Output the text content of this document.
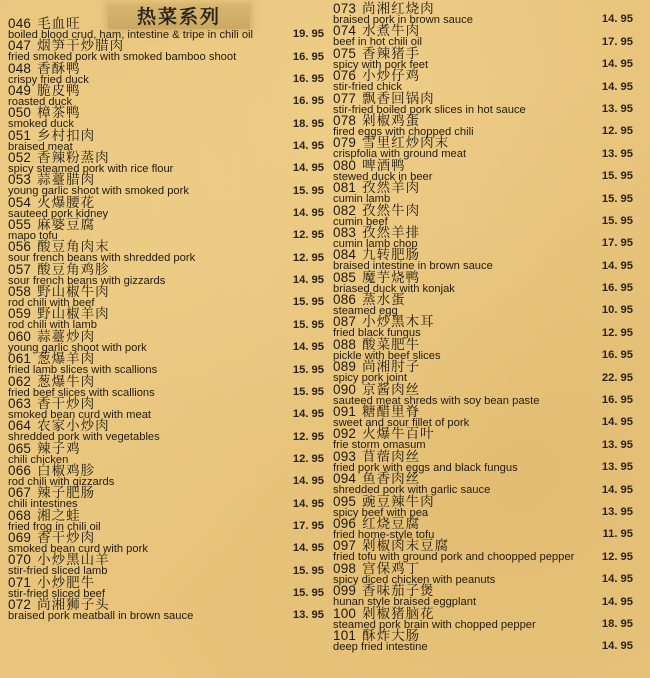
热菜系列
046 毛血旺
boiled blood crud, ham, intestine & tripe in chili oil	19. 95
047 烟笋干炒腊肉
fried smoked pork with smoked bamboo shoot	16. 95
048 香酥鸭
crispy fried duck	16. 95
049 脆皮鸭
roasted duck	16. 95
050 樟茶鸭
smoked duck	18. 95
051 乡村扣肉
braised meat	14. 95
052 香辣粉蒸肉
spicy steamed pork with rice flour	14. 95
053 蒜薹腊肉
young garlic shoot with smoked pork	15. 95
054 火爆腰花
sauteed pork kidney	14. 95
055 麻婆豆腐
mapo tofu	12. 95
056 酸豆角肉末
sour french beans with shredded pork	12. 95
057 酸豆角鸡胗
sour french beans with gizzards	14. 95
058 野山椒牛肉
rod chili with beef	15. 95
059 野山椒羊肉
rod chili with lamb	15. 95
060 蒜薹炒肉
young garlic shoot with pork	14. 95
061 葱爆羊肉
fried lamb slices with scallions	15. 95
062 葱爆牛肉
fried beef slices with scallions	15. 95
063 香干炒肉
smoked bean curd with meat	14. 95
064 农家小炒肉
shredded pork with vegetables	12. 95
065 辣子鸡
chili chicken	12. 95
066 白椒鸡胗
rod chili with gizzards	14. 95
067 辣子肥肠
chili intestines	14. 95
068 湘之蛙
fried frog in chili oil	17. 95
069 香干炒肉
smoked bean curd with pork	14. 95
070 小炒黑山羊
stir-fried sliced lamb	15. 95
071 小炒肥牛
stir-fried sliced beef	15. 95
072 尚湘狮子头
braised pork meatball in brown sauce	13. 95
073 尚湘红烧肉
braised pork in brown sauce	14. 95
074 水煮牛肉
beef in hot chili oil	17. 95
075 香辣猪手
spicy with pork feet	14. 95
076 小炒仔鸡
stir-fried chick	14. 95
077 飘香回锅肉
stir-fried boiled pork slices in hot sauce	13. 95
078 剁椒鸡蛋
fired eggs with chopped chili	12. 95
079 雪里红炒肉末
crispfolia with ground meat	13. 95
080 啤酒鸭
stewed duck in beer	15. 95
081 孜然羊肉
cumin lamb	15. 95
082 孜然牛肉
cumin beef	15. 95
083 孜然羊排
cumin lamb chop	17. 95
084 九转肥肠
braised intestine in brown sauce	14. 95
085 魔芋烧鸭
briased duck with konjak	16. 95
086 蒸水蛋
steamed egg	10. 95
087 小炒黑木耳
fried black fungus	12. 95
088 酸菜肥牛
pickle with beef slices	16. 95
089 尚湘肘子
spicy pork joint	22. 95
090 京酱肉丝
sauteed meat shreds with soy bean paste	16. 95
091 糖醋里脊
sweet and sour fillet of pork	14. 95
092 火爆牛百叶
frie storm omasum	13. 95
093 苜蓿肉丝
fried pork with eggs and black fungus	13. 95
094 鱼香肉丝
shredded pork with garlic sauce	14. 95
095 豌豆辣牛肉
spicy beef with pea	13. 95
096 红烧豆腐
fried home-style tofu	11. 95
097 剁椒肉末豆腐
fried tofu with ground pork and choopped pepper	12. 95
098 宫保鸡丁
spicy diced chicken with peanuts	14. 95
099 香味茄子煲
hunan style braised eggplant	14. 95
100 剁椒猪脑花
steamed pork brain with chopped pepper	18. 95
101 酥炸大肠
deep fried intestine	14. 95
